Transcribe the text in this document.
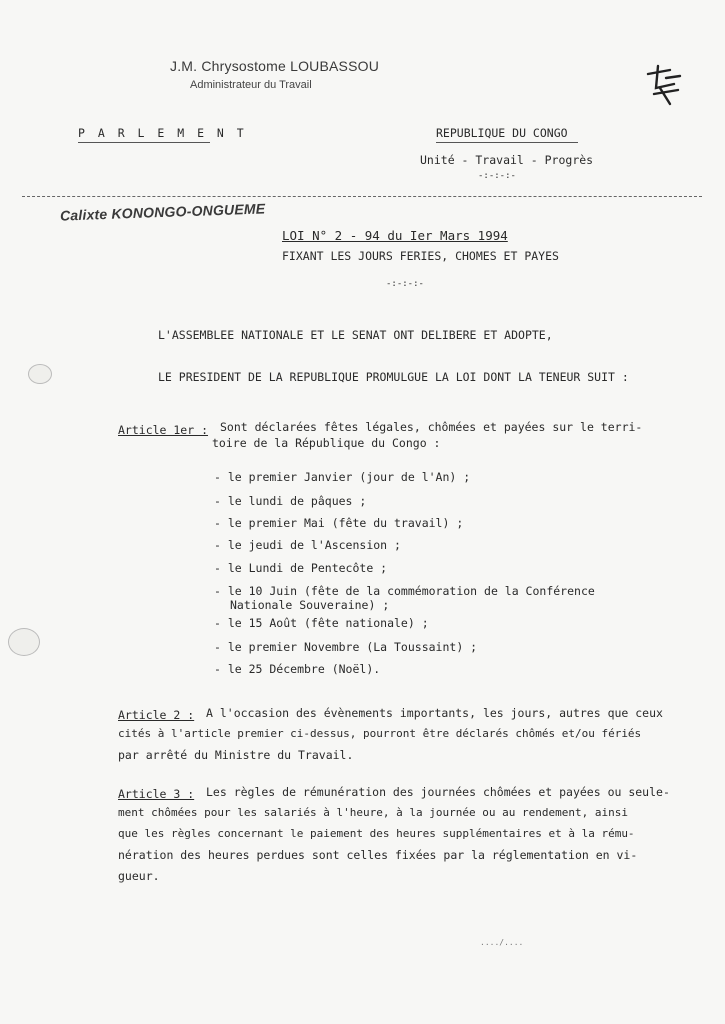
J.M. Chrysostome LOUBASSOU
Administrateur du Travail
P A R L E M E N T	REPUBLIQUE DU CONGO
Unité - Travail - Progrès
-:-:-:-
Calixte KONONGO-ONGUEME
LOI N° 2 - 94 du Ier Mars 1994
FIXANT LES JOURS FERIES, CHOMES ET PAYES
-:-:-:-
L'ASSEMBLEE NATIONALE ET LE SENAT ONT DELIBERE ET ADOPTE,
LE PRESIDENT DE LA REPUBLIQUE PROMULGUE LA LOI DONT LA TENEUR SUIT :
Article 1er : Sont déclarées fêtes légales, chômées et payées sur le terri-
toire de la République du Congo :
- le premier Janvier (jour de l'An) ;
- le lundi de pâques ;
- le premier Mai (fête du travail) ;
- le jeudi de l'Ascension ;
- le Lundi de Pentecôte ;
- le 10 Juin (fête de la commémoration de la Conférence
Nationale Souveraine) ;
- le 15 Août (fête nationale) ;
- le premier Novembre (La Toussaint) ;
- le 25 Décembre (Noël).
Article 2 : A l'occasion des évènements importants, les jours, autres que ceux
cités à l'article premier ci-dessus, pourront être déclarés chômés et/ou fériés
par arrêté du Ministre du Travail.
Article 3 : Les règles de rémunération des journées chômées et payées ou seule-
ment chômées pour les salariés à l'heure, à la journée ou au rendement, ainsi
que les règles concernant le paiement des heures supplémentaires et à la rému-
nération des heures perdues sont celles fixées par la réglementation en vi-
gueur.
..../....
